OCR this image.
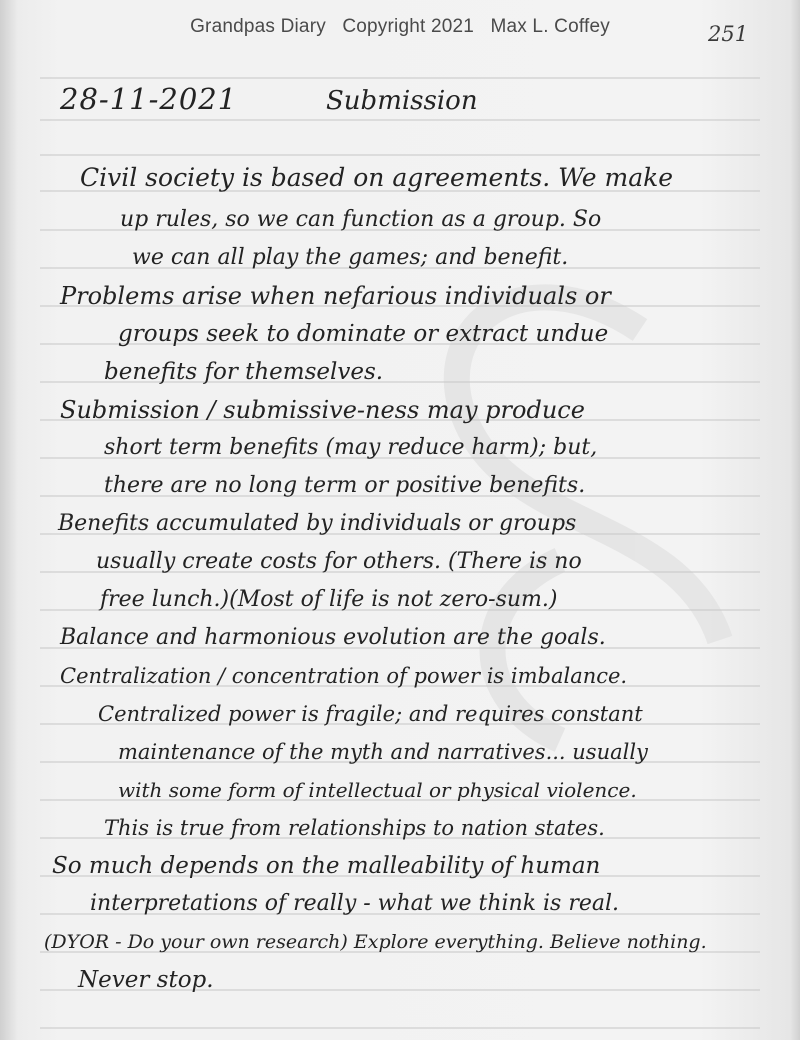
Grandpas Diary   Copyright 2021   Max L. Coffey	251
28-11-2021	Submission
Civil society is based on agreements. We make
up rules, so we can function as a group. So
we can all play the games; and benefit.
Problems arise when nefarious individuals or
groups seek to dominate or extract undue
benefits for themselves.
Submission / submissive-ness may produce
short term benefits (may reduce harm); but,
there are no long term or positive benefits.
Benefits accumulated by individuals or groups
usually create costs for others. (There is no
free lunch.)(Most of life is not zero-sum.)
Balance and harmonious evolution are the goals.
Centralization / concentration of power is imbalance.
Centralized power is fragile; and requires constant
maintenance of the myth and narratives... usually
with some form of intellectual or physical violence.
This is true from relationships to nation states.
So much depends on the malleability of human
interpretations of really - what we think is real.
(DYOR - Do your own research) Explore everything. Believe nothing.
Never stop.
